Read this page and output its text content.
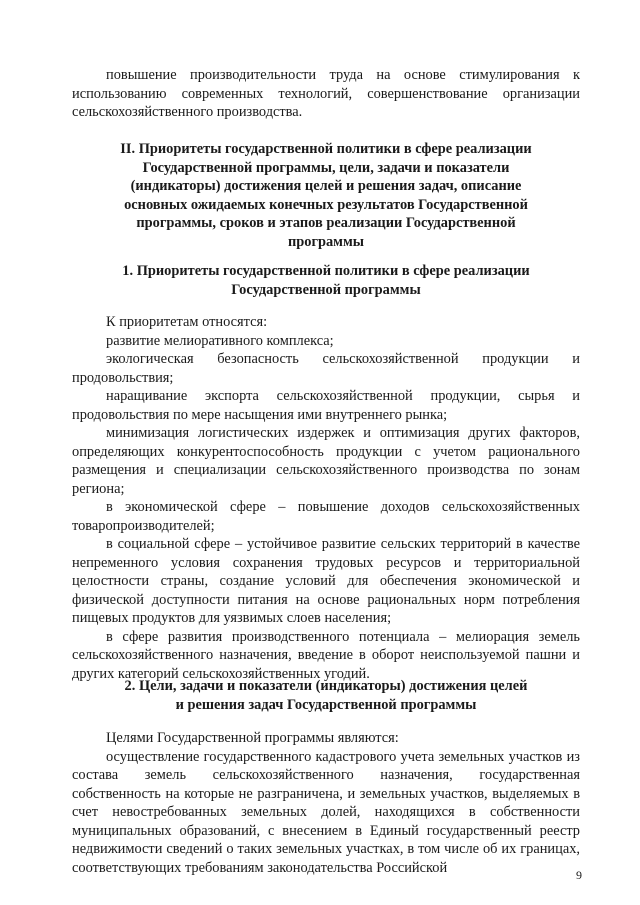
повышение производительности труда на основе стимулирования к использованию современных технологий, совершенствование организации сельскохозяйственного производства.

II. Приоритеты государственной политики в сфере реализации
Государственной программы, цели, задачи и показатели
(индикаторы) достижения целей и решения задач, описание
основных ожидаемых конечных результатов Государственной
программы, сроков и этапов реализации Государственной
программы
1. Приоритеты государственной политики в сфере реализации
Государственной программы

К приоритетам относятся:

развитие мелиоративного комплекса;

экологическая безопасность сельскохозяйственной продукции и продовольствия;

наращивание экспорта сельскохозяйственной продукции, сырья и продовольствия по мере насыщения ими внутреннего рынка;

минимизация логистических издержек и оптимизация других факторов, определяющих конкурентоспособность продукции с учетом рационального размещения и специализации сельскохозяйственного производства по зонам региона;

в экономической сфере – повышение доходов сельскохозяйственных товаропроизводителей;

в социальной сфере – устойчивое развитие сельских территорий в качестве непременного условия сохранения трудовых ресурсов и территориальной целостности страны, создание условий для обеспечения экономической и физической доступности питания на основе рациональных норм потребления пищевых продуктов для уязвимых слоев населения;

в сфере развития производственного потенциала – мелиорация земель сельскохозяйственного назначения, введение в оборот неиспользуемой пашни и других категорий сельскохозяйственных угодий.

2. Цели, задачи и показатели (индикаторы) достижения целей
и решения задач Государственной программы

Целями Государственной программы являются:

осуществление государственного кадастрового учета земельных участков из состава земель сельскохозяйственного назначения, государственная собственность на которые не разграничена, и земельных участков, выделяемых в счет невостребованных земельных долей, находящихся в собственности муниципальных образований, с внесением в Единый государственный реестр недвижимости сведений о таких земельных участках, в том числе об их границах, соответствующих требованиям законодательства Российской	9
